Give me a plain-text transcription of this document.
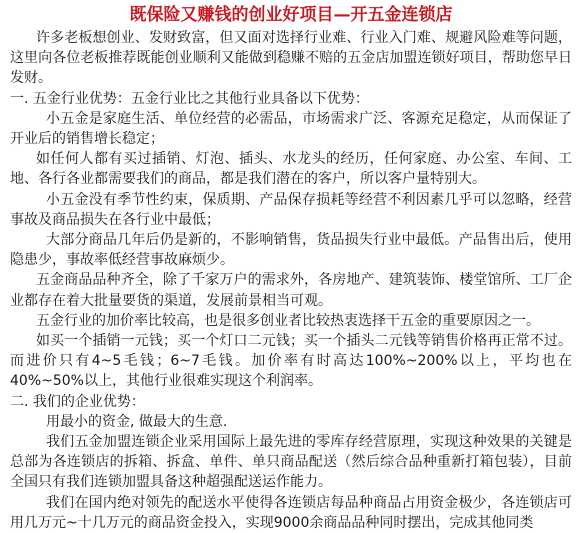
既保险又赚钱的创业好项目—开五金连锁店

许多老板想创业、发财致富，但又面对选择行业难、行业入门难、规避风险难等问题，这里向各位老板推荐既能创业顺利又能做到稳赚不赔的五金店加盟连锁好项目，帮助您早日发财。

一. 五金行业优势：五金行业比之其他行业具备以下优势：

小五金是家庭生活、单位经营的必需品，市场需求广泛、客源充足稳定，从而保证了开业后的销售增长稳定；

如任何人都有买过插销、灯泡、插头、水龙头的经历，任何家庭、办公室、车间、工地、各行各业都需要我们的商品，都是我们潜在的客户，所以客户量特别大。

小五金没有季节性约束，保质期、产品保存损耗等经营不利因素几乎可以忽略，经营事故及商品损失在各行业中最低；

大部分商品几年后仍是新的，不影响销售，货品损失行业中最低。产品售出后，使用隐患少，事故率低经营事故麻烦少。

五金商品品种齐全，除了千家万户的需求外，各房地产、建筑装饰、楼堂馆所、工厂企业都存在着大批量要货的渠道，发展前景相当可观。

五金行业的加价率比较高，也是很多创业者比较热衷选择干五金的重要原因之一。

如买一个插销一元钱；买一个灯口二元钱；买一个插头二元钱等销售价格再正常不过。而进价只有4~5毛钱；6~7毛钱。加价率有时高达100%~200%以上，平均也在40%~50%以上，其他行业很难实现这个利润率。

二. 我们的企业优势：

用最小的资金, 做最大的生意.

我们五金加盟连锁企业采用国际上最先进的零库存经营原理，实现这种效果的关键是总部为各连锁店的拆箱、拆盒、单件、单只商品配送（然后综合品种重新打箱包装），目前全国只有我们连锁加盟具备这种超强配送运作能力。

我们在国内绝对领先的配送水平使得各连锁店每品种商品占用资金极少，各连锁店可用几万元~十几万元的商品资金投入，实现9000余商品品种同时摆出，完成其他同类
